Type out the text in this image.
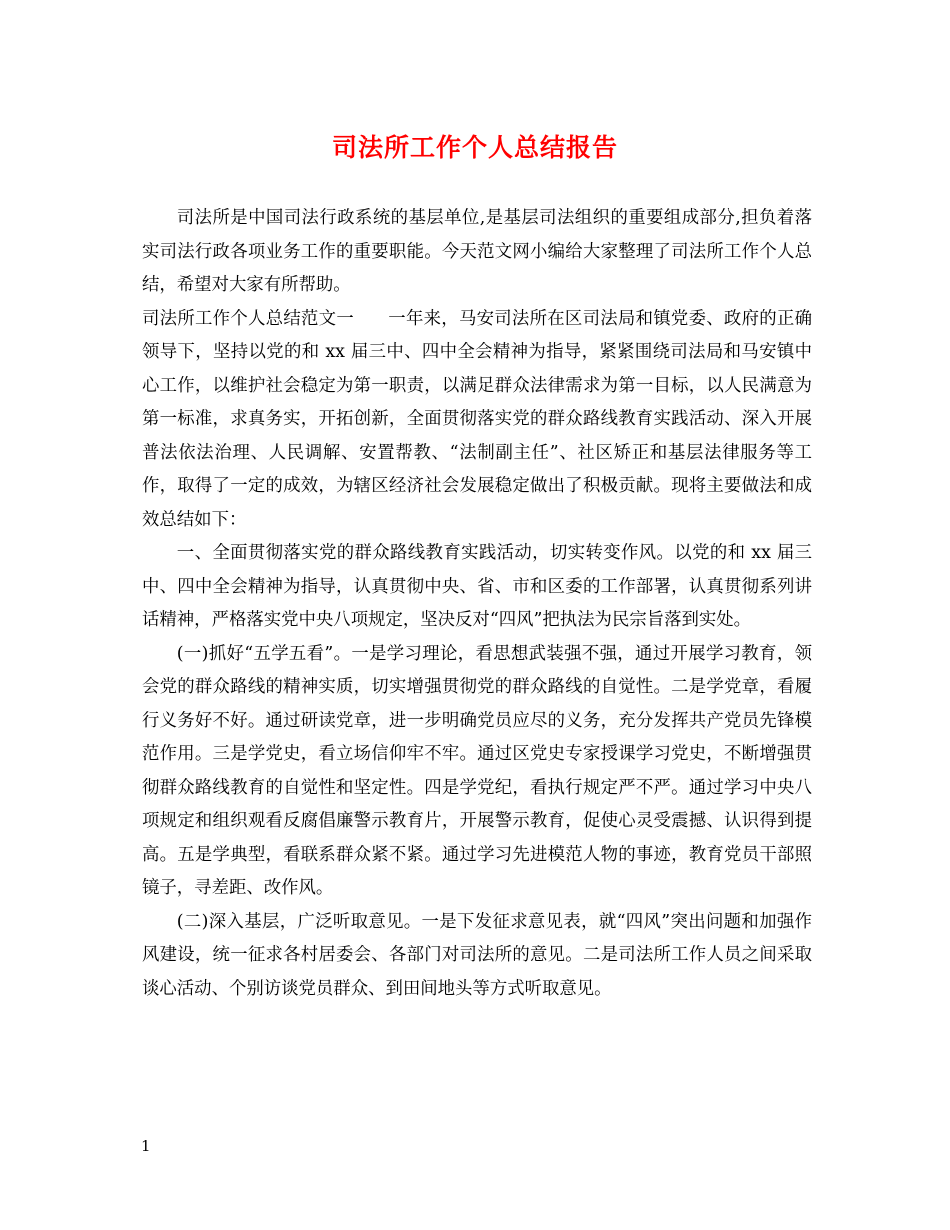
司法所工作个人总结报告

司法所是中国司法行政系统的基层单位,是基层司法组织的重要组成部分,担负着落实司法行政各项业务工作的重要职能。今天范文网小编给大家整理了司法所工作个人总结，希望对大家有所帮助。

司法所工作个人总结范文一 一年来，马安司法所在区司法局和镇党委、政府的正确领导下，坚持以党的和 xx 届三中、四中全会精神为指导，紧紧围绕司法局和马安镇中心工作，以维护社会稳定为第一职责，以满足群众法律需求为第一目标，以人民满意为第一标准，求真务实，开拓创新，全面贯彻落实党的群众路线教育实践活动、深入开展普法依法治理、人民调解、安置帮教、“法制副主任”、社区矫正和基层法律服务等工作，取得了一定的成效，为辖区经济社会发展稳定做出了积极贡献。现将主要做法和成效总结如下：

一、全面贯彻落实党的群众路线教育实践活动，切实转变作风。以党的和 xx 届三中、四中全会精神为指导，认真贯彻中央、省、市和区委的工作部署，认真贯彻系列讲话精神，严格落实党中央八项规定，坚决反对“四风”把执法为民宗旨落到实处。

(一)抓好“五学五看”。一是学习理论，看思想武装强不强，通过开展学习教育，领会党的群众路线的精神实质，切实增强贯彻党的群众路线的自觉性。二是学党章，看履行义务好不好。通过研读党章，进一步明确党员应尽的义务，充分发挥共产党员先锋模范作用。三是学党史，看立场信仰牢不牢。通过区党史专家授课学习党史，不断增强贯彻群众路线教育的自觉性和坚定性。四是学党纪，看执行规定严不严。通过学习中央八项规定和组织观看反腐倡廉警示教育片，开展警示教育，促使心灵受震撼、认识得到提高。五是学典型，看联系群众紧不紧。通过学习先进模范人物的事迹，教育党员干部照镜子，寻差距、改作风。

(二)深入基层，广泛听取意见。一是下发征求意见表，就“四风”突出问题和加强作风建设，统一征求各村居委会、各部门对司法所的意见。二是司法所工作人员之间采取谈心活动、个别访谈党员群众、到田间地头等方式听取意见。

1
